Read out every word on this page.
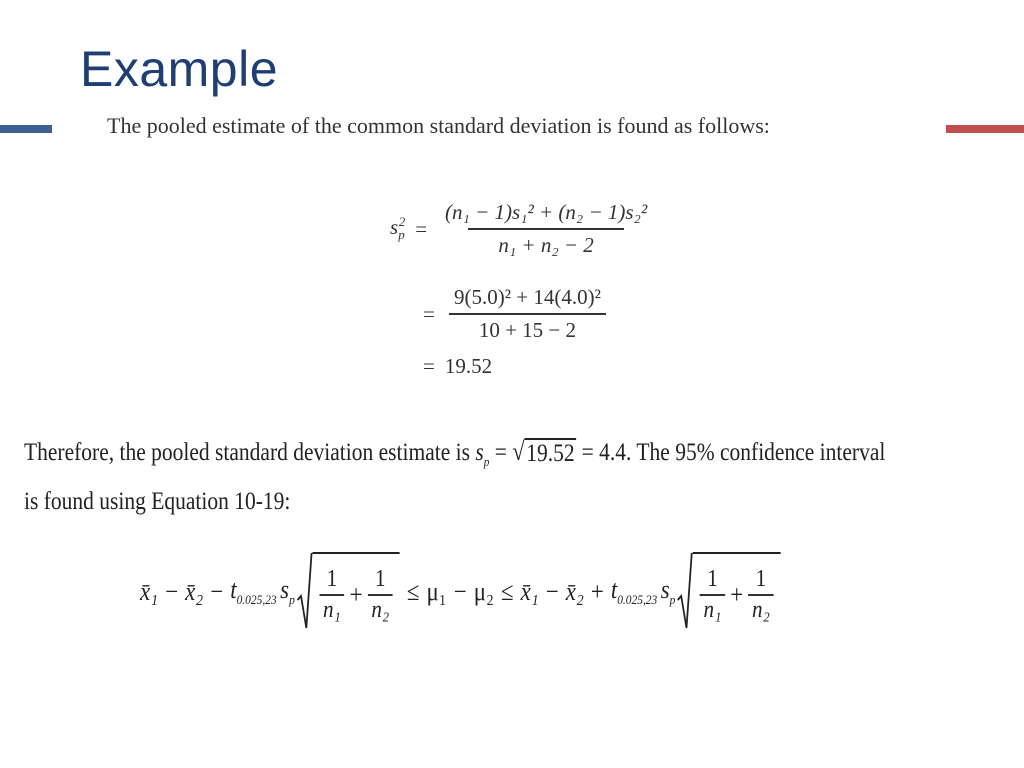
Example
The pooled estimate of the common standard deviation is found as follows:
$s_p^2 = \frac{\text{(n₁ − 1)s₁² + (n₂ − 1)s₂²}}{\text{n₁ + n₂ − 2}}$
= $\frac{\text{9(5.0)² + 14(4.0)²}}{10 + 15 - 2}$
= 19.52
Therefore, the pooled standard deviation estimate is $s_p$ = √ 19.52 = 4.4. The 95% confidence interval
is found using Equation 10-19:
x̄₁ − x̄₂ − $t_{0.025,23}$ $s_p \frac{1}{\text{n₁}} + \frac{1}{\text{n₂}} \le \mu_1 - \mu_2$ ≤ x̄₁ − x̄₂ + $t_{0.025,23}$ $s_p \frac{1}{\text{n₁}} + \frac{1}{\text{n₂}}$
